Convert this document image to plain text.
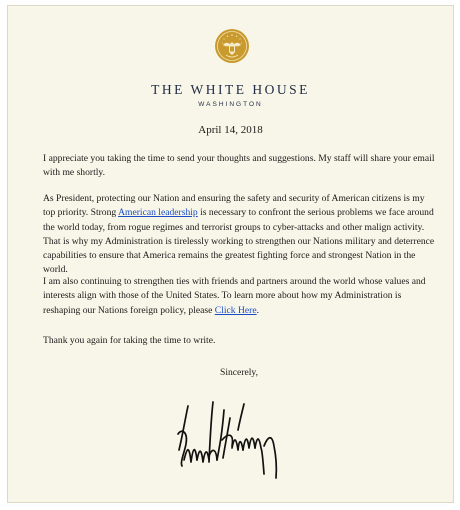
THE WHITE HOUSE
WASHINGTON
April 14, 2018

I appreciate you taking the time to send your thoughts and suggestions. My staff will share your email with me shortly.

As President, protecting our Nation and ensuring the safety and security of American citizens is my top priority. Strong American leadership is necessary to confront the serious problems we face around the world today, from rogue regimes and terrorist groups to cyber-attacks and other malign activity. That is why my Administration is tirelessly working to strengthen our Nations military and deterrence capabilities to ensure that America remains the greatest fighting force and strongest Nation in the world.

I am also continuing to strengthen ties with friends and partners around the world whose values and interests align with those of the United States. To learn more about how my Administration is reshaping our Nations foreign policy, please Click Here.

Thank you again for taking the time to write.

Sincerely,
